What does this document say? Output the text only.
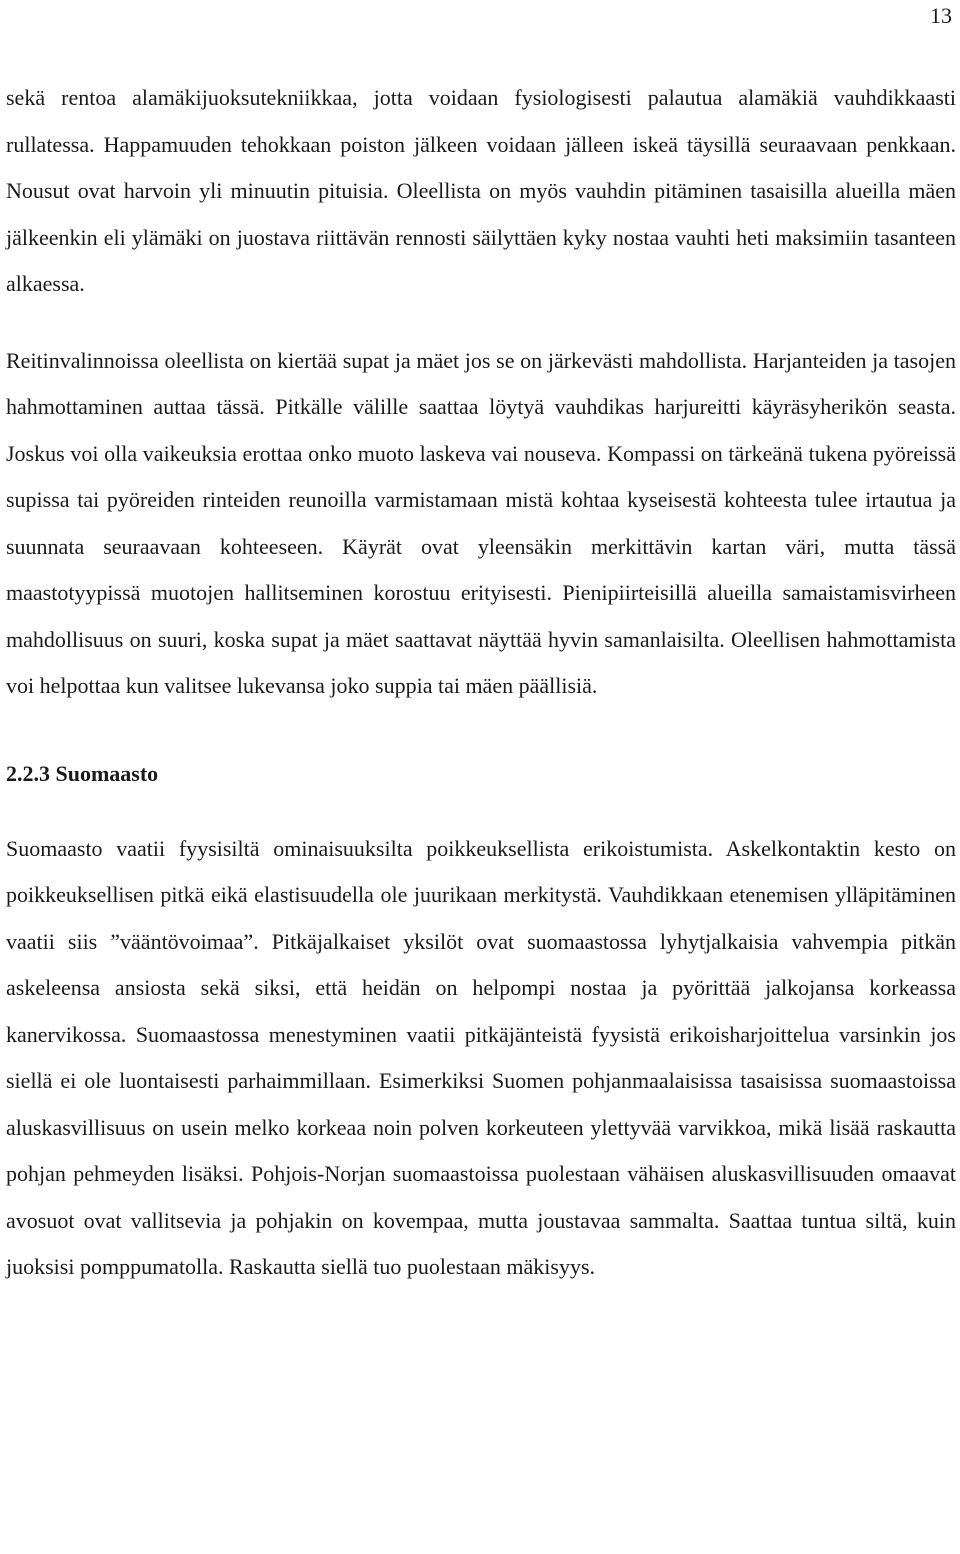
13

sekä rentoa alamäkijuoksutekniikkaa, jotta voidaan fysiologisesti palautua alamäkiä vauhdikkaasti rullatessa. Happamuuden tehokkaan poiston jälkeen voidaan jälleen iskeä täysillä seuraavaan penkkaan. Nousut ovat harvoin yli minuutin pituisia. Oleellista on myös vauhdin pitäminen tasaisilla alueilla mäen jälkeenkin eli ylämäki on juostava riittävän rennosti säilyttäen kyky nostaa vauhti heti maksimiin tasanteen alkaessa.

Reitinvalinnoissa oleellista on kiertää supat ja mäet jos se on järkevästi mahdollista. Harjanteiden ja tasojen hahmottaminen auttaa tässä. Pitkälle välille saattaa löytyä vauhdikas harjureitti käyräsyherikön seasta. Joskus voi olla vaikeuksia erottaa onko muoto laskeva vai nouseva. Kompassi on tärkeänä tukena pyöreissä supissa tai pyöreiden rinteiden reunoilla varmistamaan mistä kohtaa kyseisestä kohteesta tulee irtautua ja suunnata seuraavaan kohteeseen. Käyrät ovat yleensäkin merkittävin kartan väri, mutta tässä maastotyypissä muotojen hallitseminen korostuu erityisesti. Pienipiirteisillä alueilla samaistamisvirheen mahdollisuus on suuri, koska supat ja mäet saattavat näyttää hyvin samanlaisilta. Oleellisen hahmottamista voi helpottaa kun valitsee lukevansa joko suppia tai mäen päällisiä.

2.2.3 Suomaasto

Suomaasto vaatii fyysisiltä ominaisuuksilta poikkeuksellista erikoistumista. Askelkontaktin kesto on poikkeuksellisen pitkä eikä elastisuudella ole juurikaan merkitystä. Vauhdikkaan etenemisen ylläpitäminen vaatii siis ”vääntövoimaa”. Pitkäjalkaiset yksilöt ovat suomaastossa lyhytjalkaisia vahvempia pitkän askeleensa ansiosta sekä siksi, että heidän on helpompi nostaa ja pyörittää jalkojansa korkeassa kanervikossa. Suomaastossa menestyminen vaatii pitkäjänteistä fyysistä erikoisharjoittelua varsinkin jos siellä ei ole luontaisesti parhaimmillaan. Esimerkiksi Suomen pohjanmaalaisissa tasaisissa suomaastoissa aluskasvillisuus on usein melko korkeaa noin polven korkeuteen ylettyvää varvikkoa, mikä lisää raskautta pohjan pehmeyden lisäksi. Pohjois-Norjan suomaastoissa puolestaan vähäisen aluskasvillisuuden omaavat avosuot ovat vallitsevia ja pohjakin on kovempaa, mutta joustavaa sammalta. Saattaa tuntua siltä, kuin juoksisi pomppumatolla. Raskautta siellä tuo puolestaan mäkisyys.
